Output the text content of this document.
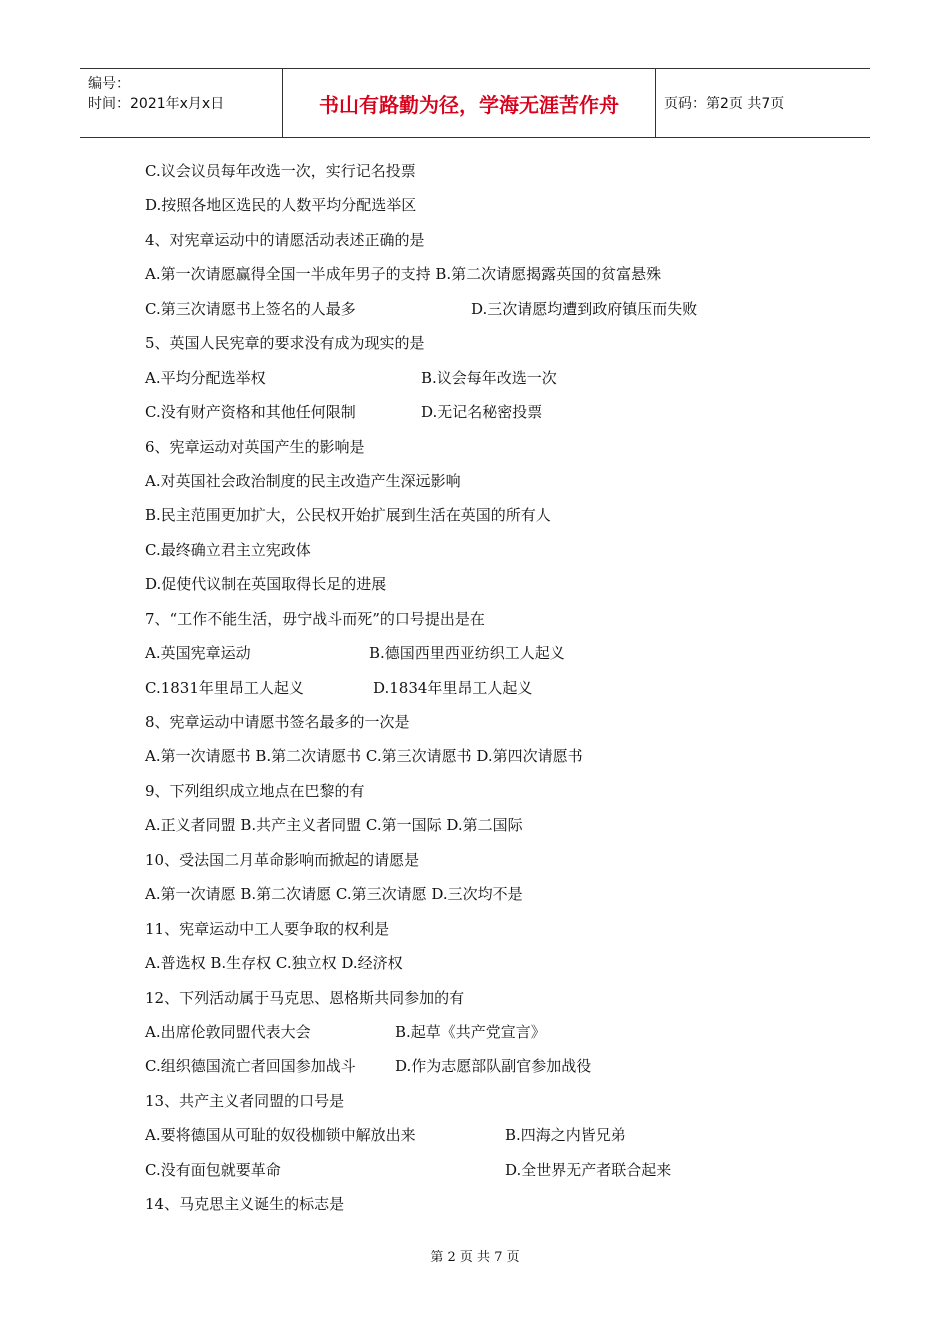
编号：
时间：2021年x月x日	书山有路勤为径，学海无涯苦作舟	页码：第2页 共7页
C.议会议员每年改选一次，实行记名投票
D.按照各地区选民的人数平均分配选举区
4、对宪章运动中的请愿活动表述正确的是
A.第一次请愿赢得全国一半成年男子的支持 B.第二次请愿揭露英国的贫富悬殊
C.第三次请愿书上签名的人最多	D.三次请愿均遭到政府镇压而失败
5、英国人民宪章的要求没有成为现实的是
A.平均分配选举权	B.议会每年改选一次
C.没有财产资格和其他任何限制	D.无记名秘密投票
6、宪章运动对英国产生的影响是
A.对英国社会政治制度的民主改造产生深远影响
B.民主范围更加扩大，公民权开始扩展到生活在英国的所有人
C.最终确立君主立宪政体
D.促使代议制在英国取得长足的进展
7、“工作不能生活，毋宁战斗而死”的口号提出是在
A.英国宪章运动	B.德国西里西亚纺织工人起义
C.1831年里昂工人起义	D.1834年里昂工人起义
8、宪章运动中请愿书签名最多的一次是
A.第一次请愿书 B.第二次请愿书 C.第三次请愿书 D.第四次请愿书
9、下列组织成立地点在巴黎的有
A.正义者同盟 B.共产主义者同盟 C.第一国际 D.第二国际
10、受法国二月革命影响而掀起的请愿是
A.第一次请愿 B.第二次请愿 C.第三次请愿 D.三次均不是
11、宪章运动中工人要争取的权利是
A.普选权 B.生存权 C.独立权 D.经济权
12、下列活动属于马克思、恩格斯共同参加的有
A.出席伦敦同盟代表大会	B.起草《共产党宣言》
C.组织德国流亡者回国参加战斗	D.作为志愿部队副官参加战役
13、共产主义者同盟的口号是
A.要将德国从可耻的奴役枷锁中解放出来	B.四海之内皆兄弟
C.没有面包就要革命	D.全世界无产者联合起来
14、马克思主义诞生的标志是
第 2 页 共 7 页
